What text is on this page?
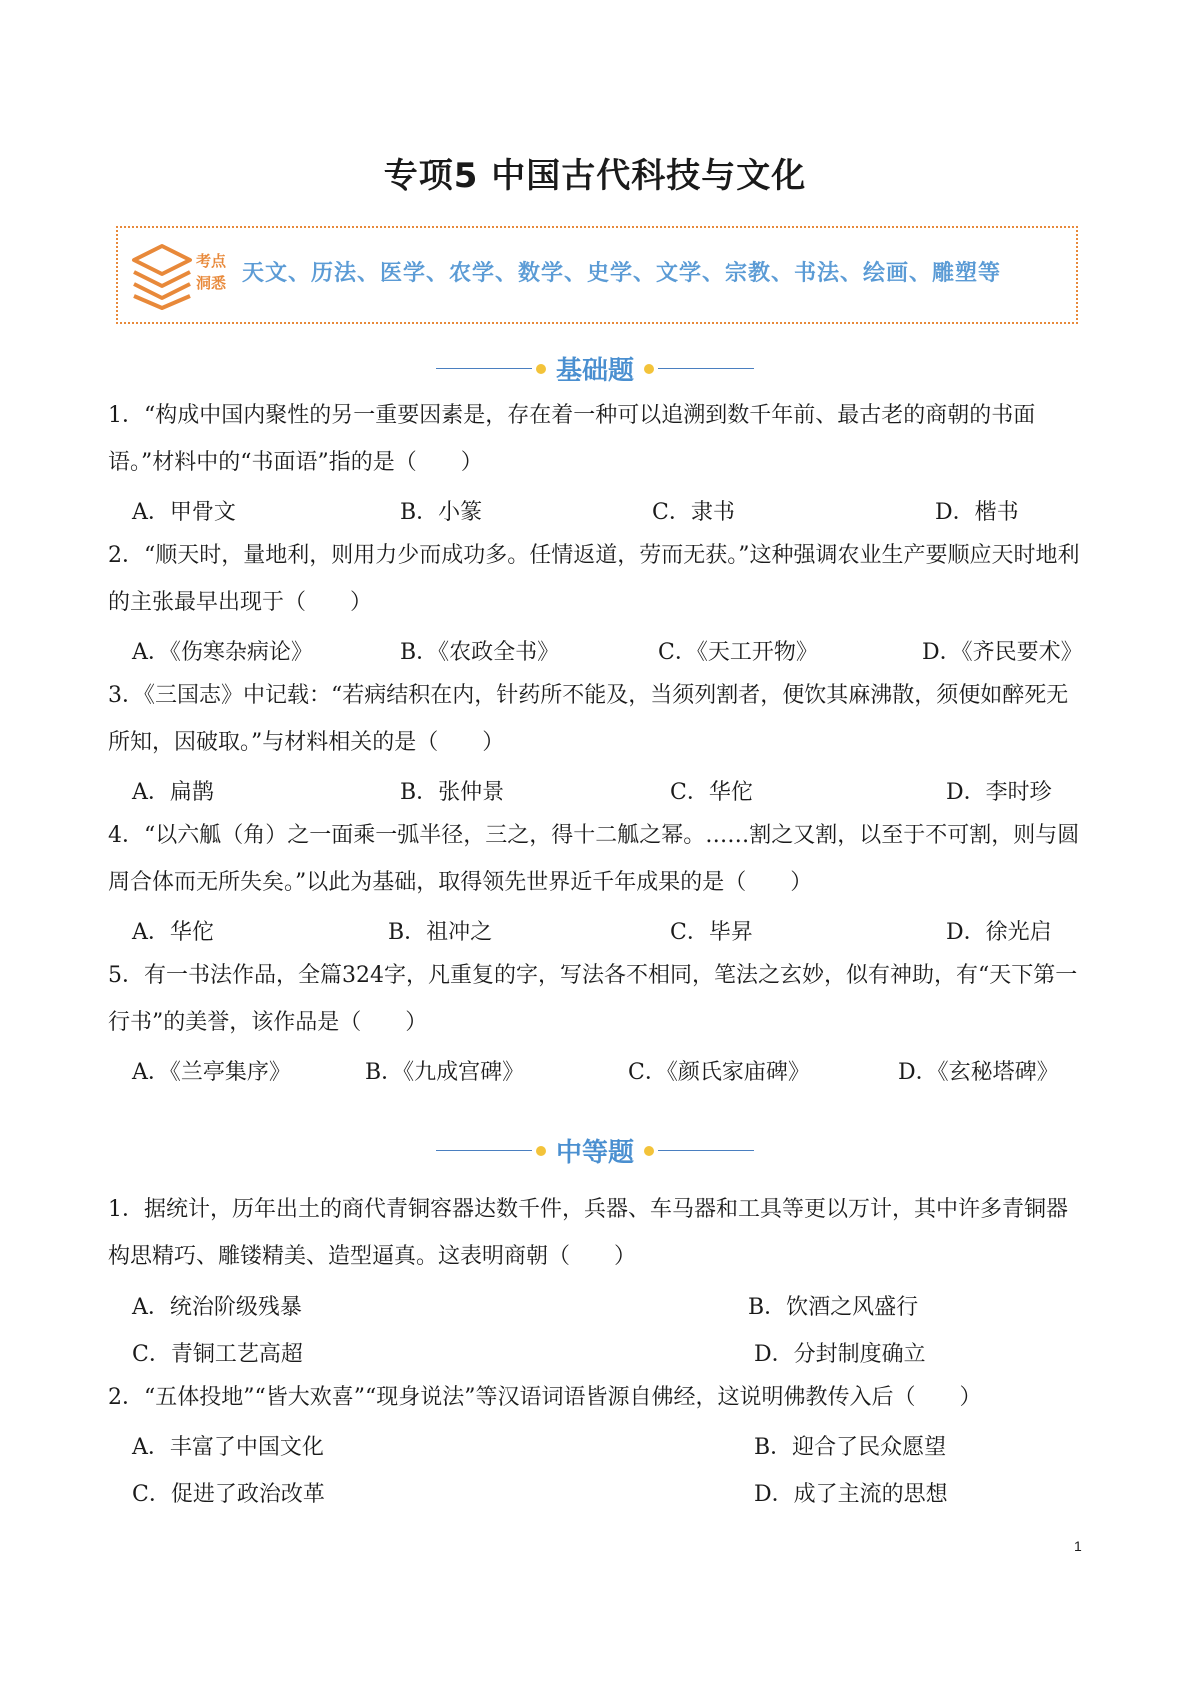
专项5 中国古代科技与文化
考点
洞悉 天文、历法、医学、农学、数学、史学、文学、宗教、书法、绘画、雕塑等
基础题
1．“构成中国内聚性的另一重要因素是，存在着一种可以追溯到数千年前、最古老的商朝的书面语。”材料中的“书面语”指的是（　　）
A．甲骨文	B．小篆	C．隶书	D．楷书
2．“顺天时，量地利，则用力少而成功多。任情返道，劳而无获。”这种强调农业生产要顺应天时地利的主张最早出现于（　　）
A．《伤寒杂病论》	B．《农政全书》	C．《天工开物》	D．《齐民要术》
3．《三国志》中记载：“若病结积在内，针药所不能及，当须列割者，便饮其麻沸散，须便如醉死无所知，因破取。”与材料相关的是（　　）
A．扁鹊	B．张仲景	C．华佗	D．李时珍
4．“以六觚（角）之一面乘一弧半径，三之，得十二觚之幂。……割之又割，以至于不可割，则与圆周合体而无所失矣。”以此为基础，取得领先世界近千年成果的是（　　）
A．华佗	B．祖冲之	C．毕昇	D．徐光启
5．有一书法作品，全篇324字，凡重复的字，写法各不相同，笔法之玄妙，似有神助，有“天下第一行书”的美誉，该作品是（　　）
A．《兰亭集序》	B．《九成宫碑》	C．《颜氏家庙碑》	D．《玄秘塔碑》
中等题
1．据统计，历年出土的商代青铜容器达数千件，兵器、车马器和工具等更以万计，其中许多青铜器构思精巧、雕镂精美、造型逼真。这表明商朝（　　）
A．统治阶级残暴	B．饮酒之风盛行
C．青铜工艺高超	D．分封制度确立
2．“五体投地”“皆大欢喜”“现身说法”等汉语词语皆源自佛经，这说明佛教传入后（　　）
A．丰富了中国文化	B．迎合了民众愿望
C．促进了政治改革	D．成了主流的思想
1
